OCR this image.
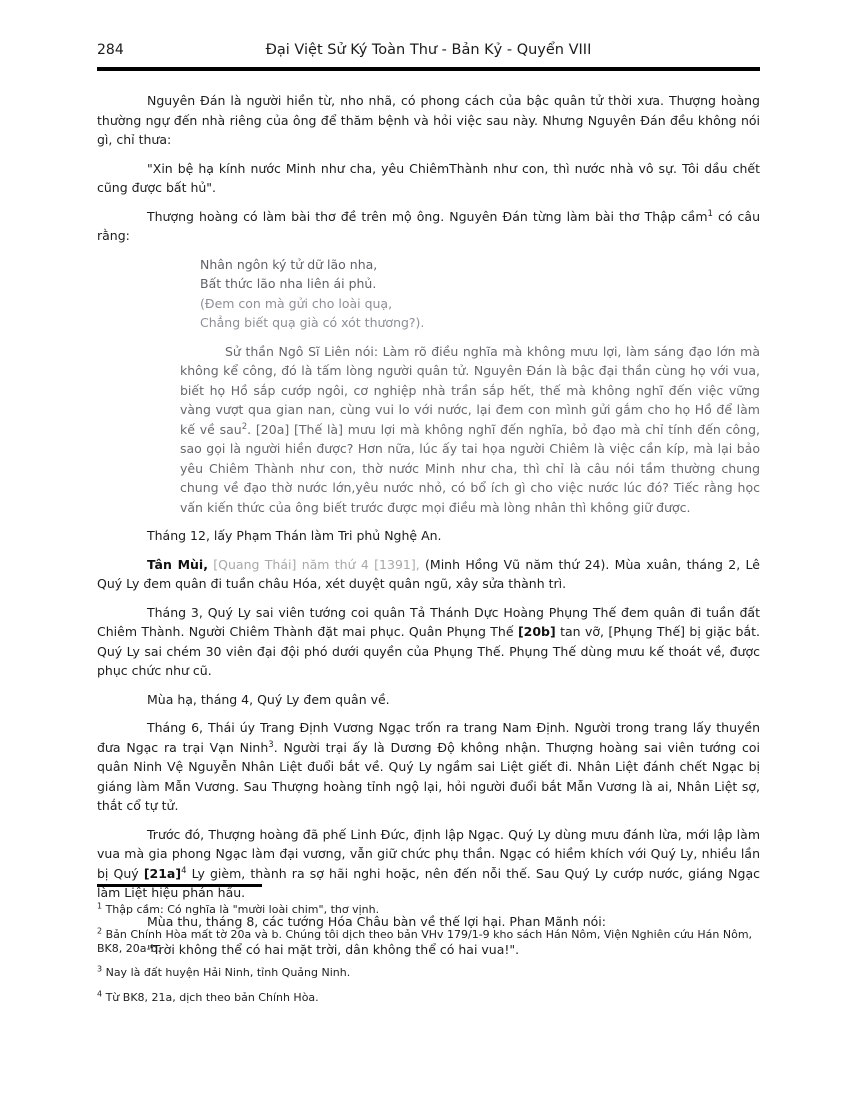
284	Đại Việt Sử Ký Toàn Thư - Bản Kỷ - Quyển VIII

Nguyên Đán là người hiền từ, nho nhã, có phong cách của bậc quân tử thời xưa. Thượng hoàng thường ngự đến nhà riêng của ông để thăm bệnh và hỏi việc sau này. Nhưng Nguyên Đán đều không nói gì, chỉ thưa:

"Xin bệ hạ kính nước Minh như cha, yêu ChiêmThành như con, thì nước nhà vô sự. Tôi dầu chết cũng được bất hủ".

Thượng hoàng có làm bài thơ đề trên mộ ông. Nguyên Đán từng làm bài thơ Thập cầm$^1$ có câu rằng:

Nhân ngôn ký tử dữ lão nha,
Bất thức lão nha liên ái phủ.
(Đem con mà gửi cho loài quạ,
Chẳng biết quạ già có xót thương?).

Sử thần Ngô Sĩ Liên nói: Làm rõ điều nghĩa mà không mưu lợi, làm sáng đạo lớn mà không kể công, đó là tấm lòng người quân tử. Nguyên Đán là bậc đại thần cùng họ với vua, biết họ Hồ sắp cướp ngôi, cơ nghiệp nhà trần sắp hết, thế mà không nghĩ đến việc vững vàng vượt qua gian nan, cùng vui lo với nước, lại đem con mình gửi gắm cho họ Hồ để làm kế về sau$^2$. [20a] [Thế là] mưu lợi mà không nghĩ đến nghĩa, bỏ đạo mà chỉ tính đến công, sao gọi là người hiền được? Hơn nữa, lúc ấy tai họa người Chiêm là việc cần kíp, mà lại bảo yêu Chiêm Thành như con, thờ nước Minh như cha, thì chỉ là câu nói tầm thường chung chung về đạo thờ nước lớn,yêu nước nhỏ, có bổ ích gì cho việc nước lúc đó? Tiếc rằng học vấn kiến thức của ông biết trước được mọi điều mà lòng nhân thì không giữ được.

Tháng 12, lấy Phạm Thán làm Tri phủ Nghệ An.

Tân Mùi, [Quang Thái] năm thứ 4 [1391], (Minh Hồng Vũ năm thứ 24). Mùa xuân, tháng 2, Lê Quý Ly đem quân đi tuần châu Hóa, xét duyệt quân ngũ, xây sửa thành trì.

Tháng 3, Quý Ly sai viên tướng coi quân Tả Thánh Dực Hoàng Phụng Thế đem quân đi tuần đất Chiêm Thành. Người Chiêm Thành đặt mai phục. Quân Phụng Thế [20b] tan vỡ, [Phụng Thế] bị giặc bắt. Quý Ly sai chém 30 viên đại đội phó dưới quyền của Phụng Thế. Phụng Thế dùng mưu kế thoát về, được phục chức như cũ.

Mùa hạ, tháng 4, Quý Ly đem quân về.

Tháng 6, Thái úy Trang Định Vương Ngạc trốn ra trang Nam Định. Người trong trang lấy thuyền đưa Ngạc ra trại Vạn Ninh$^3$. Người trại ấy là Dương Độ không nhận. Thượng hoàng sai viên tướng coi quân Ninh Vệ Nguyễn Nhân Liệt đuổi bắt về. Quý Ly ngầm sai Liệt giết đi. Nhân Liệt đánh chết Ngạc bị giáng làm Mẫn Vương. Sau Thượng hoàng tỉnh ngộ lại, hỏi người đuổi bắt Mẫn Vương là ai, Nhân Liệt sợ, thắt cổ tự tử.

Trước đó, Thượng hoàng đã phế Linh Đức, định lập Ngạc. Quý Ly dùng mưu đánh lừa, mới lập làm vua mà gia phong Ngạc làm đại vương, vẫn giữ chức phụ thần. Ngạc có hiềm khích với Quý Ly, nhiều lần bị Quý [21a]$^4$ Ly gièm, thành ra sợ hãi nghi hoặc, nên đến nỗi thế. Sau Quý Ly cướp nước, giáng Ngạc làm Liệt hiệu phán hầu.

Mùa thu, tháng 8, các tướng Hóa Châu bàn về thế lợi hại. Phan Mãnh nói:

"Trời không thể có hai mặt trời, dân không thể có hai vua!".

$^1$ Thập cầm: Có nghĩa là "mười loài chim", thơ vịnh.
$^2$ Bản Chính Hòa mất tờ 20a và b. Chúng tôi dịch theo bản VHv 179/1-9 kho sách Hán Nôm, Viện Nghiên cứu Hán Nôm, BK8, 20a-b.
$^3$ Nay là đất huyện Hải Ninh, tỉnh Quảng Ninh.
$^4$ Từ BK8, 21a, dịch theo bản Chính Hòa.
